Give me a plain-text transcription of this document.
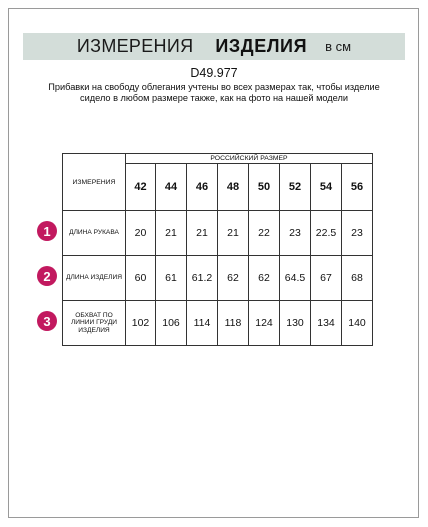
ИЗМЕРЕНИЯ ИЗДЕЛИЯ в см
D49.977
Прибавки на свободу облегания учтены во всех размерах так, чтобы изделие сидело в любом размере также, как на фото на нашей модели
ИЗМЕРЕНИЯ	РОССИЙСКИЙ РАЗМЕР							
	42	44	46	48	50	52	54	56
ДЛИНА РУКАВА	20	21	21	21	22	23	22.5	23
ДЛИНА ИЗДЕЛИЯ	60	61	61.2	62	62	64.5	67	68
ОБХВАТ ПО ЛИНИИ ГРУДИ ИЗДЕЛИЯ	102	106	114	118	124	130	134	140
1
2
3
